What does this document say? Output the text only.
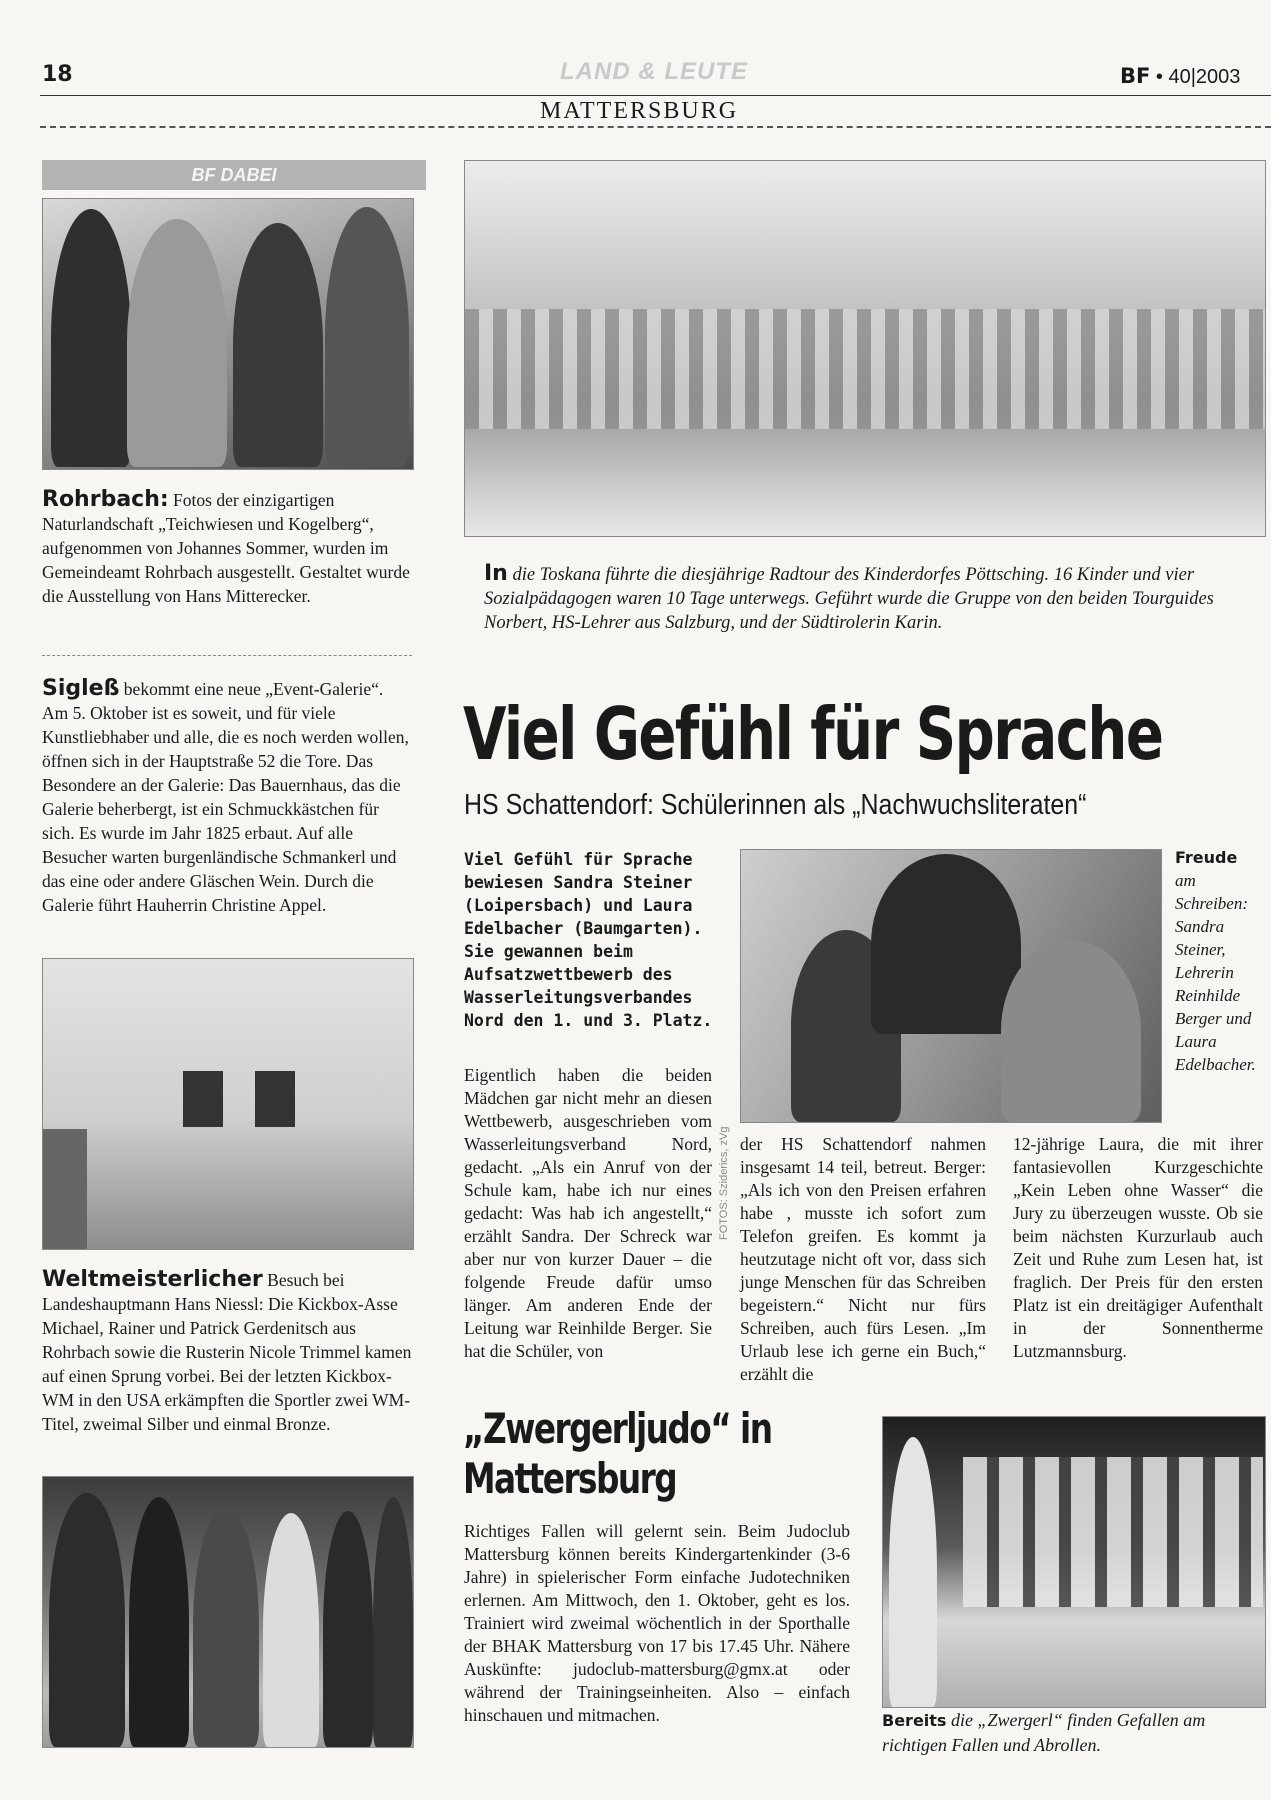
18	LAND & LEUTE
MATTERSBURG
BF • 40|2003
BF DABEI
Rohrbach: Fotos der einzigartigen Naturlandschaft „Teichwiesen und Kogelberg“, aufgenommen von Johannes Sommer, wurden im Gemeindeamt Rohrbach ausgestellt. Gestaltet wurde die Ausstellung von Hans Mitterecker.
Sigleß bekommt eine neue „Event-Galerie“. Am 5. Oktober ist es soweit, und für viele Kunstliebhaber und alle, die es noch werden wollen, öffnen sich in der Hauptstraße 52 die Tore. Das Besondere an der Galerie: Das Bauernhaus, das die Galerie beherbergt, ist ein Schmuckkästchen für sich. Es wurde im Jahr 1825 erbaut. Auf alle Besucher warten burgenländische Schmankerl und das eine oder andere Gläschen Wein. Durch die Galerie führt Hauherrin Christine Appel.
Weltmeisterlicher Besuch bei Landeshauptmann Hans Niessl: Die Kickbox-Asse Michael, Rainer und Patrick Gerdenitsch aus Rohrbach sowie die Rusterin Nicole Trimmel kamen auf einen Sprung vorbei. Bei der letzten Kickbox-WM in den USA erkämpften die Sportler zwei WM-Titel, zweimal Silber und einmal Bronze.
In die Toskana führte die diesjährige Radtour des Kinderdorfes Pöttsching. 16 Kinder und vier Sozialpädagogen waren 10 Tage unterwegs. Geführt wurde die Gruppe von den beiden Tourguides Norbert, HS-Lehrer aus Salzburg, und der Südtirolerin Karin.
Viel Gefühl für Sprache
HS Schattendorf: Schülerinnen als „Nachwuchsliteraten“
Viel Gefühl für Sprache bewiesen Sandra Steiner (Loipersbach) und Laura Edelbacher (Baumgarten). Sie gewannen beim Aufsatzwettbewerb des Wasserleitungsverbandes Nord den 1. und 3. Platz.
Eigentlich haben die beiden Mädchen gar nicht mehr an diesen Wettbewerb, ausgeschrieben vom Wasserleitungsverband Nord, gedacht. „Als ein Anruf von der Schule kam, habe ich nur eines gedacht: Was hab ich angestellt,“ erzählt Sandra. Der Schreck war aber nur von kurzer Dauer – die folgende Freude dafür umso länger. Am anderen Ende der Leitung war Reinhilde Berger. Sie hat die Schüler, von
FOTOS: Sziderics, zVg
Freude
am Schreiben: Sandra Steiner, Lehrerin Reinhilde Berger und Laura Edelbacher.
der HS Schattendorf nahmen insgesamt 14 teil, betreut. Berger: „Als ich von den Preisen erfahren habe , musste ich sofort zum Telefon greifen. Es kommt ja heutzutage nicht oft vor, dass sich junge Menschen für das Schreiben begeistern.“ Nicht nur fürs Schreiben, auch fürs Lesen. „Im Urlaub lese ich gerne ein Buch,“ erzählt die
12-jährige Laura, die mit ihrer fantasievollen Kurzgeschichte „Kein Leben ohne Wasser“ die Jury zu überzeugen wusste. Ob sie beim nächsten Kurzurlaub auch Zeit und Ruhe zum Lesen hat, ist fraglich. Der Preis für den ersten Platz ist ein dreitägiger Aufenthalt in der Sonnentherme Lutzmannsburg.
„Zwergerljudo“ in
Mattersburg
Richtiges Fallen will gelernt sein. Beim Judoclub Mattersburg können bereits Kindergartenkinder (3-6 Jahre) in spielerischer Form einfache Judotechniken erlernen. Am Mittwoch, den 1. Oktober, geht es los. Trainiert wird zweimal wöchentlich in der Sporthalle der BHAK Mattersburg von 17 bis 17.45 Uhr. Nähere Auskünfte: judoclub-mattersburg@gmx.at oder während der Trainingseinheiten. Also – einfach hinschauen und mitmachen.	Bereits die „Zwergerl“ finden Gefallen am richtigen Fallen und Abrollen.
